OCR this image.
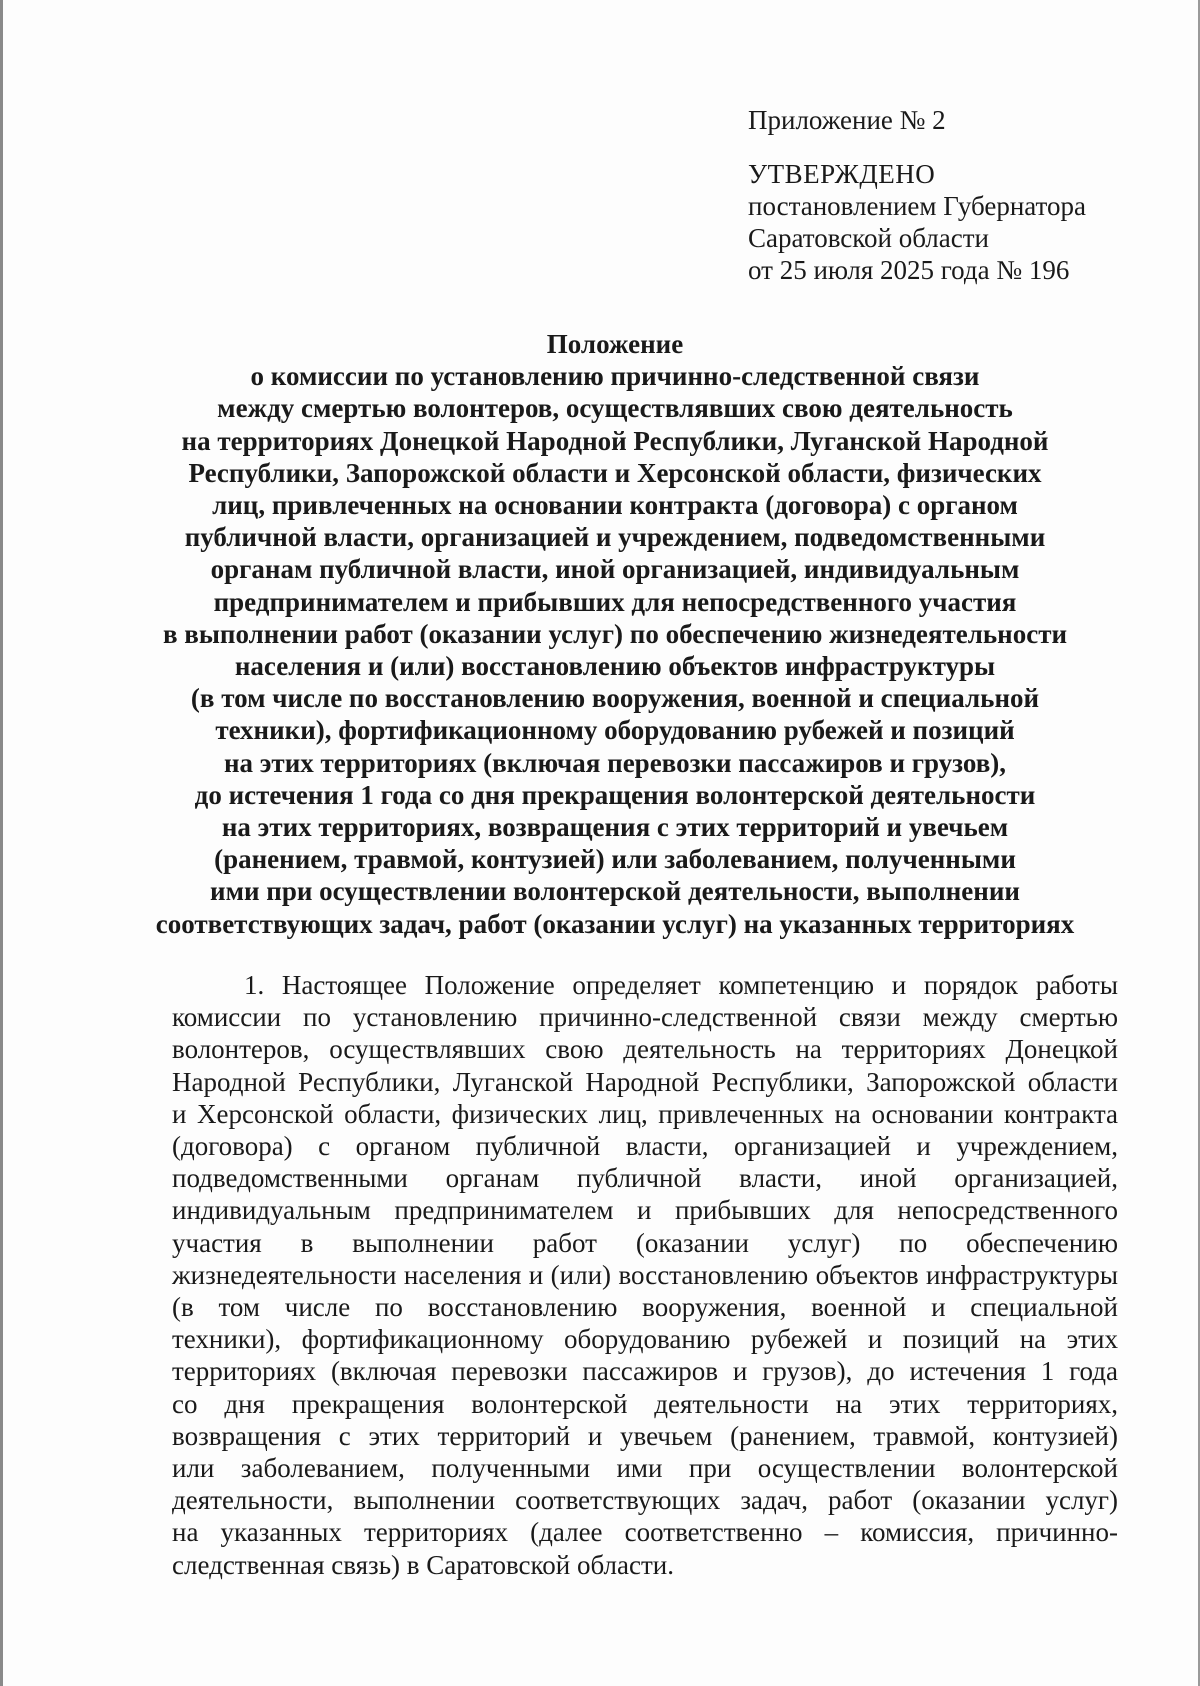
Приложение № 2
УТВЕРЖДЕНО
постановлением Губернатора
Саратовской области
от 25 июля 2025 года № 196
Положение
о комиссии по установлению причинно-следственной связи
между смертью волонтеров, осуществлявших свою деятельность
на территориях Донецкой Народной Республики, Луганской Народной
Республики, Запорожской области и Херсонской области, физических
лиц, привлеченных на основании контракта (договора) с органом
публичной власти, организацией и учреждением, подведомственными
органам публичной власти, иной организацией, индивидуальным
предпринимателем и прибывших для непосредственного участия
в выполнении работ (оказании услуг) по обеспечению жизнедеятельности
населения и (или) восстановлению объектов инфраструктуры
(в том числе по восстановлению вооружения, военной и специальной
техники), фортификационному оборудованию рубежей и позиций
на этих территориях (включая перевозки пассажиров и грузов),
до истечения 1 года со дня прекращения волонтерской деятельности
на этих территориях, возвращения с этих территорий и увечьем
(ранением, травмой, контузией) или заболеванием, полученными
ими при осуществлении волонтерской деятельности, выполнении
соответствующих задач, работ (оказании услуг) на указанных территориях
1. Настоящее Положение определяет компетенцию и порядок работы
комиссии по установлению причинно-следственной связи между смертью
волонтеров, осуществлявших свою деятельность на территориях Донецкой
Народной Республики, Луганской Народной Республики, Запорожской области
и Херсонской области, физических лиц, привлеченных на основании контракта
(договора) с органом публичной власти, организацией и учреждением,
подведомственными органам публичной власти, иной организацией,
индивидуальным предпринимателем и прибывших для непосредственного
участия в выполнении работ (оказании услуг) по обеспечению
жизнедеятельности населения и (или) восстановлению объектов инфраструктуры
(в том числе по восстановлению вооружения, военной и специальной
техники), фортификационному оборудованию рубежей и позиций на этих
территориях (включая перевозки пассажиров и грузов), до истечения 1 года
со дня прекращения волонтерской деятельности на этих территориях,
возвращения с этих территорий и увечьем (ранением, травмой, контузией)
или заболеванием, полученными ими при осуществлении волонтерской
деятельности, выполнении соответствующих задач, работ (оказании услуг)
на указанных территориях (далее соответственно – комиссия, причинно-
следственная связь) в Саратовской области.
